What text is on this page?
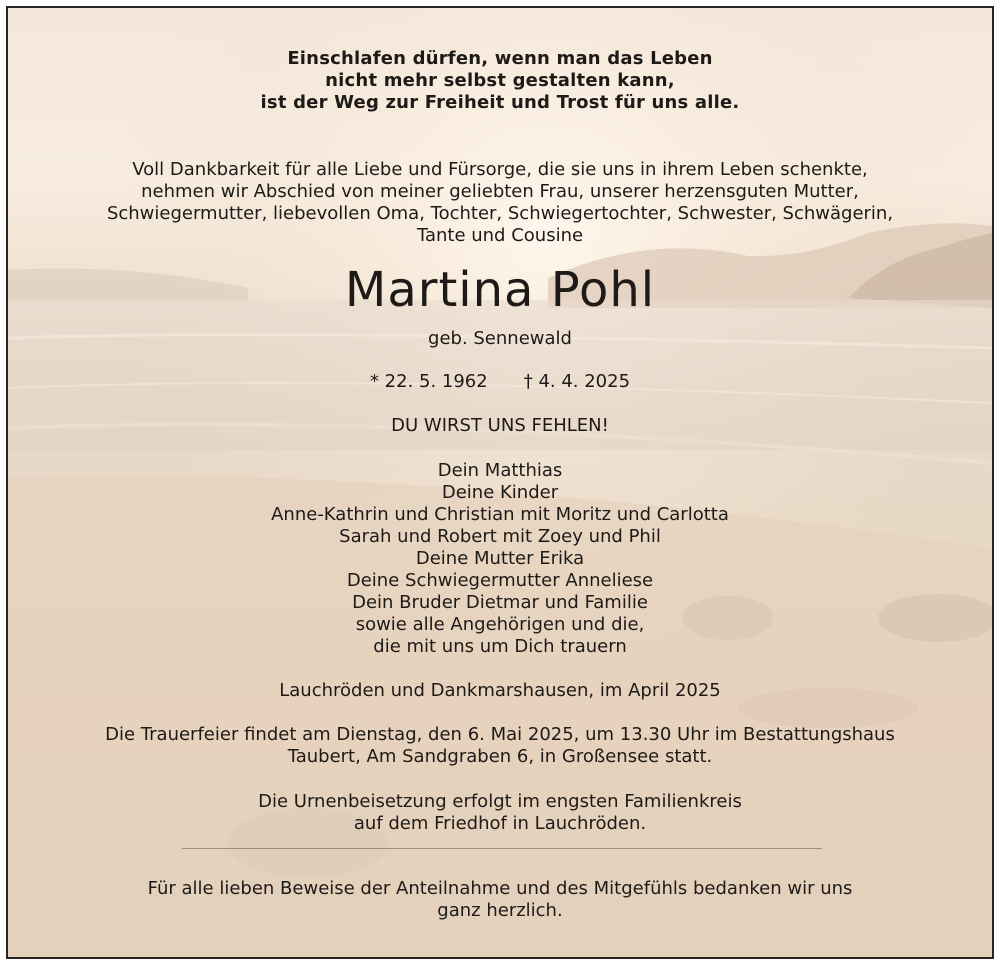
Einschlafen dürfen, wenn man das Leben
nicht mehr selbst gestalten kann,
ist der Weg zur Freiheit und Trost für uns alle.
Voll Dankbarkeit für alle Liebe und Fürsorge, die sie uns in ihrem Leben schenkte,
nehmen wir Abschied von meiner geliebten Frau, unserer herzensguten Mutter,
Schwiegermutter, liebevollen Oma, Tochter, Schwiegertochter, Schwester, Schwägerin,
Tante und Cousine
Martina Pohl
geb. Sennewald
* 22. 5. 1962 † 4. 4. 2025
DU WIRST UNS FEHLEN!
Dein Matthias
Deine Kinder
Anne-Kathrin und Christian mit Moritz und Carlotta
Sarah und Robert mit Zoey und Phil
Deine Mutter Erika
Deine Schwiegermutter Anneliese
Dein Bruder Dietmar und Familie
sowie alle Angehörigen und die,
die mit uns um Dich trauern
Lauchröden und Dankmarshausen, im April 2025
Die Trauerfeier findet am Dienstag, den 6. Mai 2025, um 13.30 Uhr im Bestattungshaus
Taubert, Am Sandgraben 6, in Großensee statt.
Die Urnenbeisetzung erfolgt im engsten Familienkreis
auf dem Friedhof in Lauchröden.
Für alle lieben Beweise der Anteilnahme und des Mitgefühls bedanken wir uns
ganz herzlich.
